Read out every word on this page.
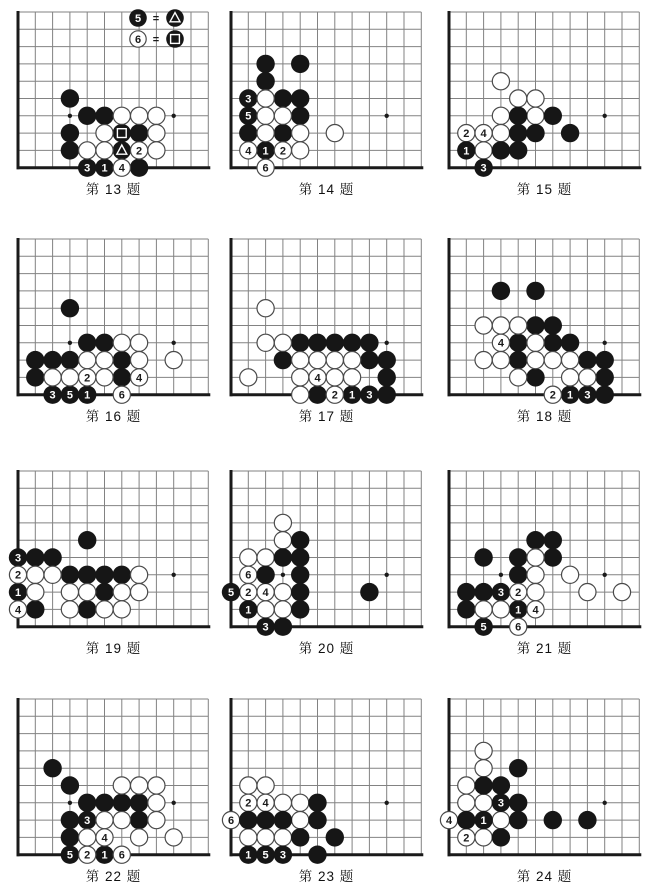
3 1
2
4
第 13 题
3
5
1
4	2
6
第 14 题
2 4
1
3
第 15 题
3 5 1
2	4
6
第 16 题
1 3
4
2
第 17 题
1 3
4
2
第 18 题
3
1
2
4
第 19 题
6
2 4
5
1
3
第 20 题
3
1
5
2
4
6
第 21 题
3
5	1
4
2	6
第 22 题
2 4
6
1 5 3
第 23 题
4
2
3
1
第 24 题
5 =
6 =
